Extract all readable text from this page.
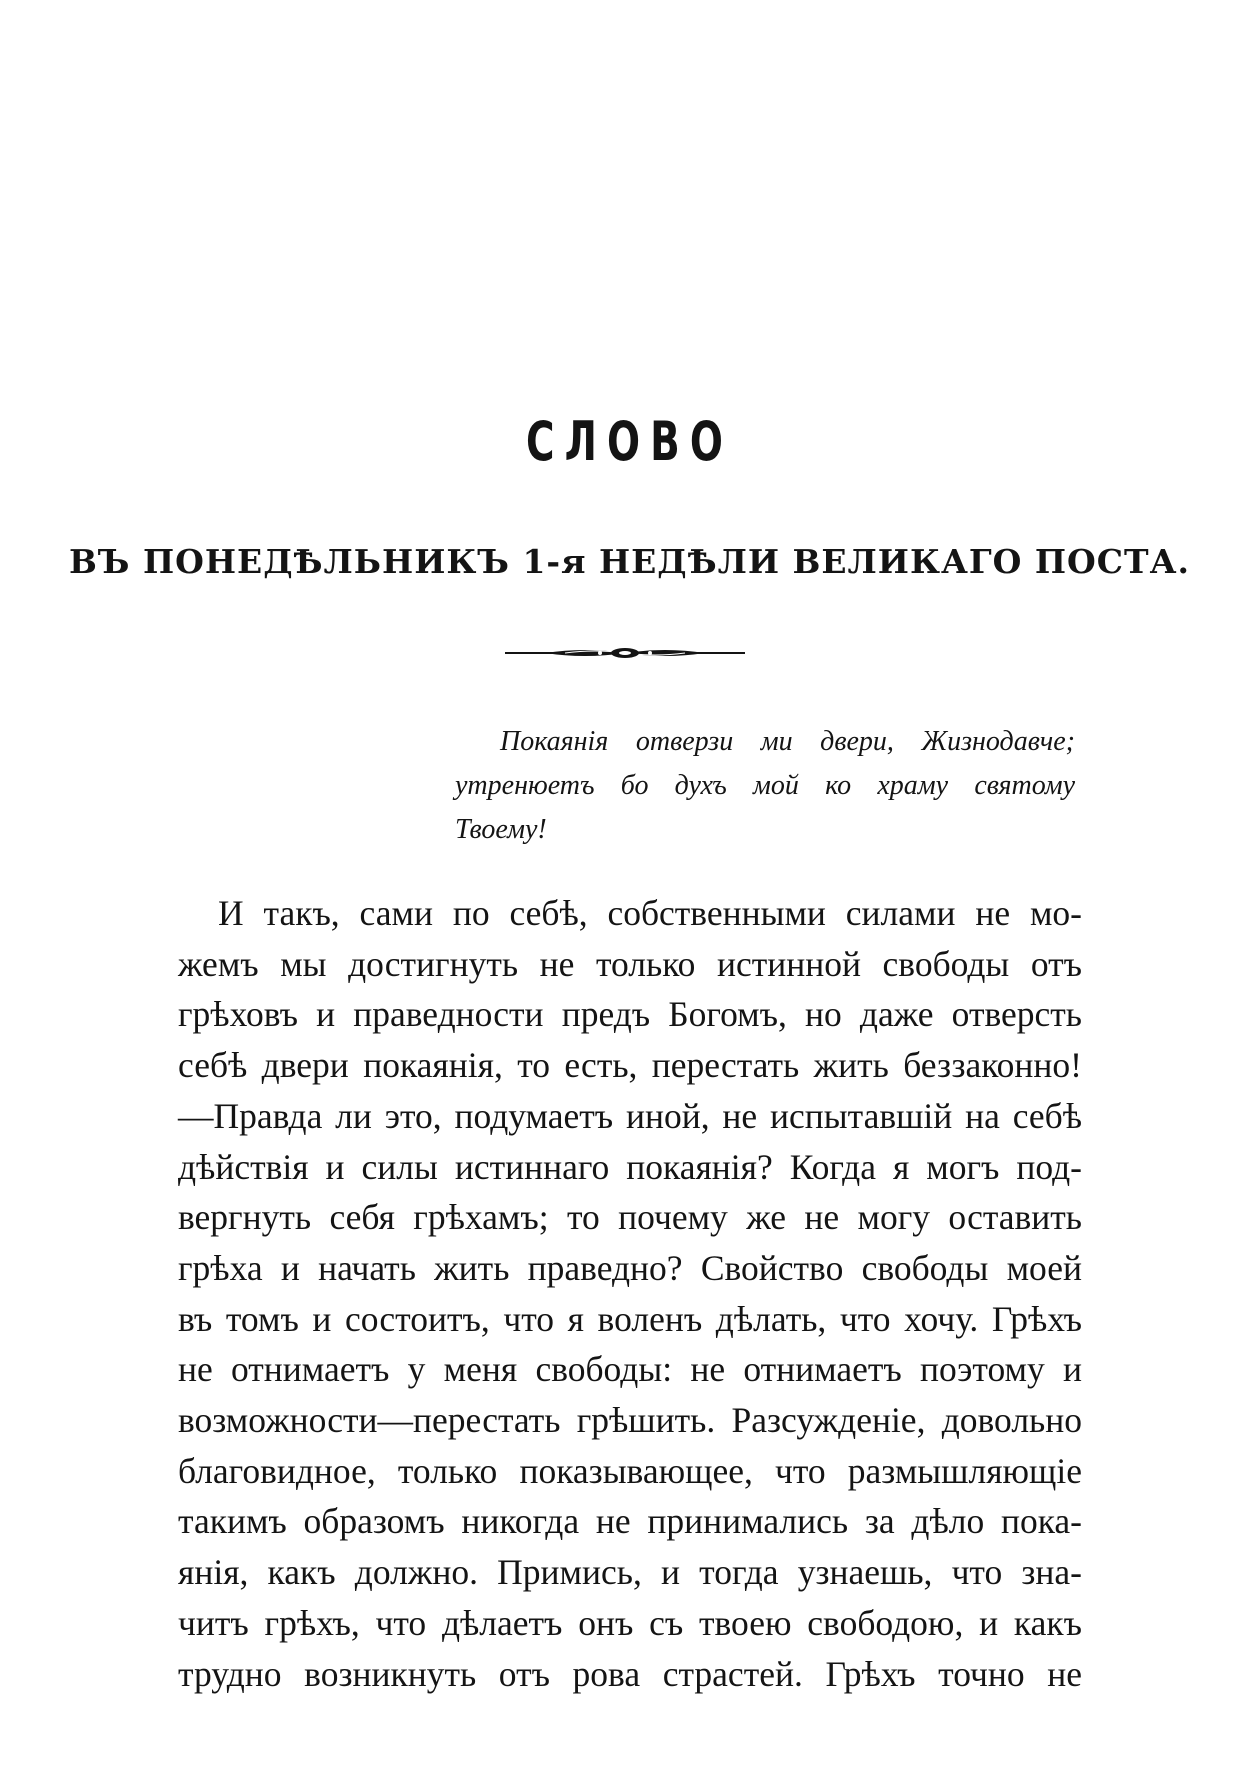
СЛОВО
ВЪ ПОНЕДѢЛЬНИКЪ 1-я НЕДѢЛИ ВЕЛИКАГО ПОСТА.
Покаянія отверзи ми двери, Жизнодавче;
утренюетъ бо духъ мой ко храму святому
Твоему!
И такъ, сами по себѣ, собственными силами не мо-
жемъ мы достигнуть не только истинной свободы отъ
грѣховъ и праведности предъ Богомъ, но даже отверсть
себѣ двери покаянія, то есть, перестать жить беззаконно!
—Правда ли это, подумаетъ иной, не испытавшій на себѣ
дѣйствія и силы истиннаго покаянія? Когда я могъ под-
вергнуть себя грѣхамъ; то почему же не могу оставить
грѣха и начать жить праведно? Свойство свободы моей
въ томъ и состоитъ, что я воленъ дѣлать, что хочу. Грѣхъ
не отнимаетъ у меня свободы: не отнимаетъ поэтому и
возможности—перестать грѣшить. Разсужденіе, довольно
благовидное, только показывающее, что размышляющіе
такимъ образомъ никогда не принимались за дѣло пока-
янія, какъ должно. Примись, и тогда узнаешь, что зна-
читъ грѣхъ, что дѣлаетъ онъ съ твоею свободою, и какъ
трудно возникнуть отъ рова страстей. Грѣхъ точно не
